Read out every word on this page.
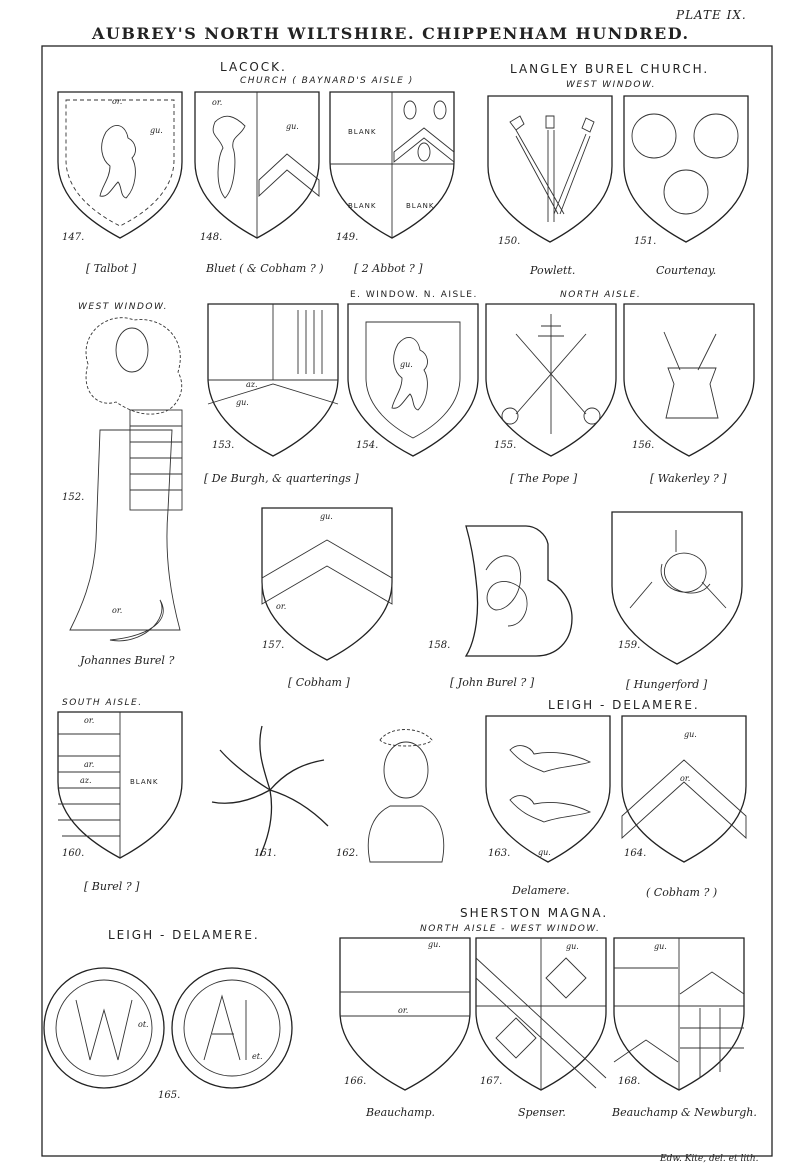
AUBREY'S NORTH WILTSHIRE. CHIPPENHAM HUNDRED.
PLATE IX.
LACOCK.
CHURCH ( BAYNARD'S AISLE )
LANGLEY BUREL CHURCH.
WEST WINDOW.
WEST WINDOW.
E. WINDOW. N. AISLE.	NORTH AISLE.
SOUTH AISLE.	LEIGH - DELAMERE.
LEIGH - DELAMERE.
SHERSTON MAGNA.
NORTH AISLE - WEST WINDOW.
or.
gu.
or.
gu.
BLANK
BLANK	BLANK
az.
gu.
gu.
gu.
or.
or.
or.
ar.
az.	BLANK
gu.
gu.
or.
ot.
et.
gu.
or.
gu.	gu.
147.	148.	149.	150.	151.
152.
153.	154.	155.	156.
157.	158.	159.
160.	161.	162.	163.	164.
165.
166.	167.	168.
[ Talbot ]	Bluet ( & Cobham ? )	[ 2 Abbot ? ]	Powlett.	Courtenay.
Johannes Burel ?
[ De Burgh, & quarterings ]	[ The Pope ]	[ Wakerley ? ]
[ Cobham ]	[ John Burel ? ]	[ Hungerford ]
[ Burel ? ]	Delamere.	( Cobham ? )
Beauchamp.	Spenser.	Beauchamp & Newburgh.
Edw. Kite, del. et lith.
